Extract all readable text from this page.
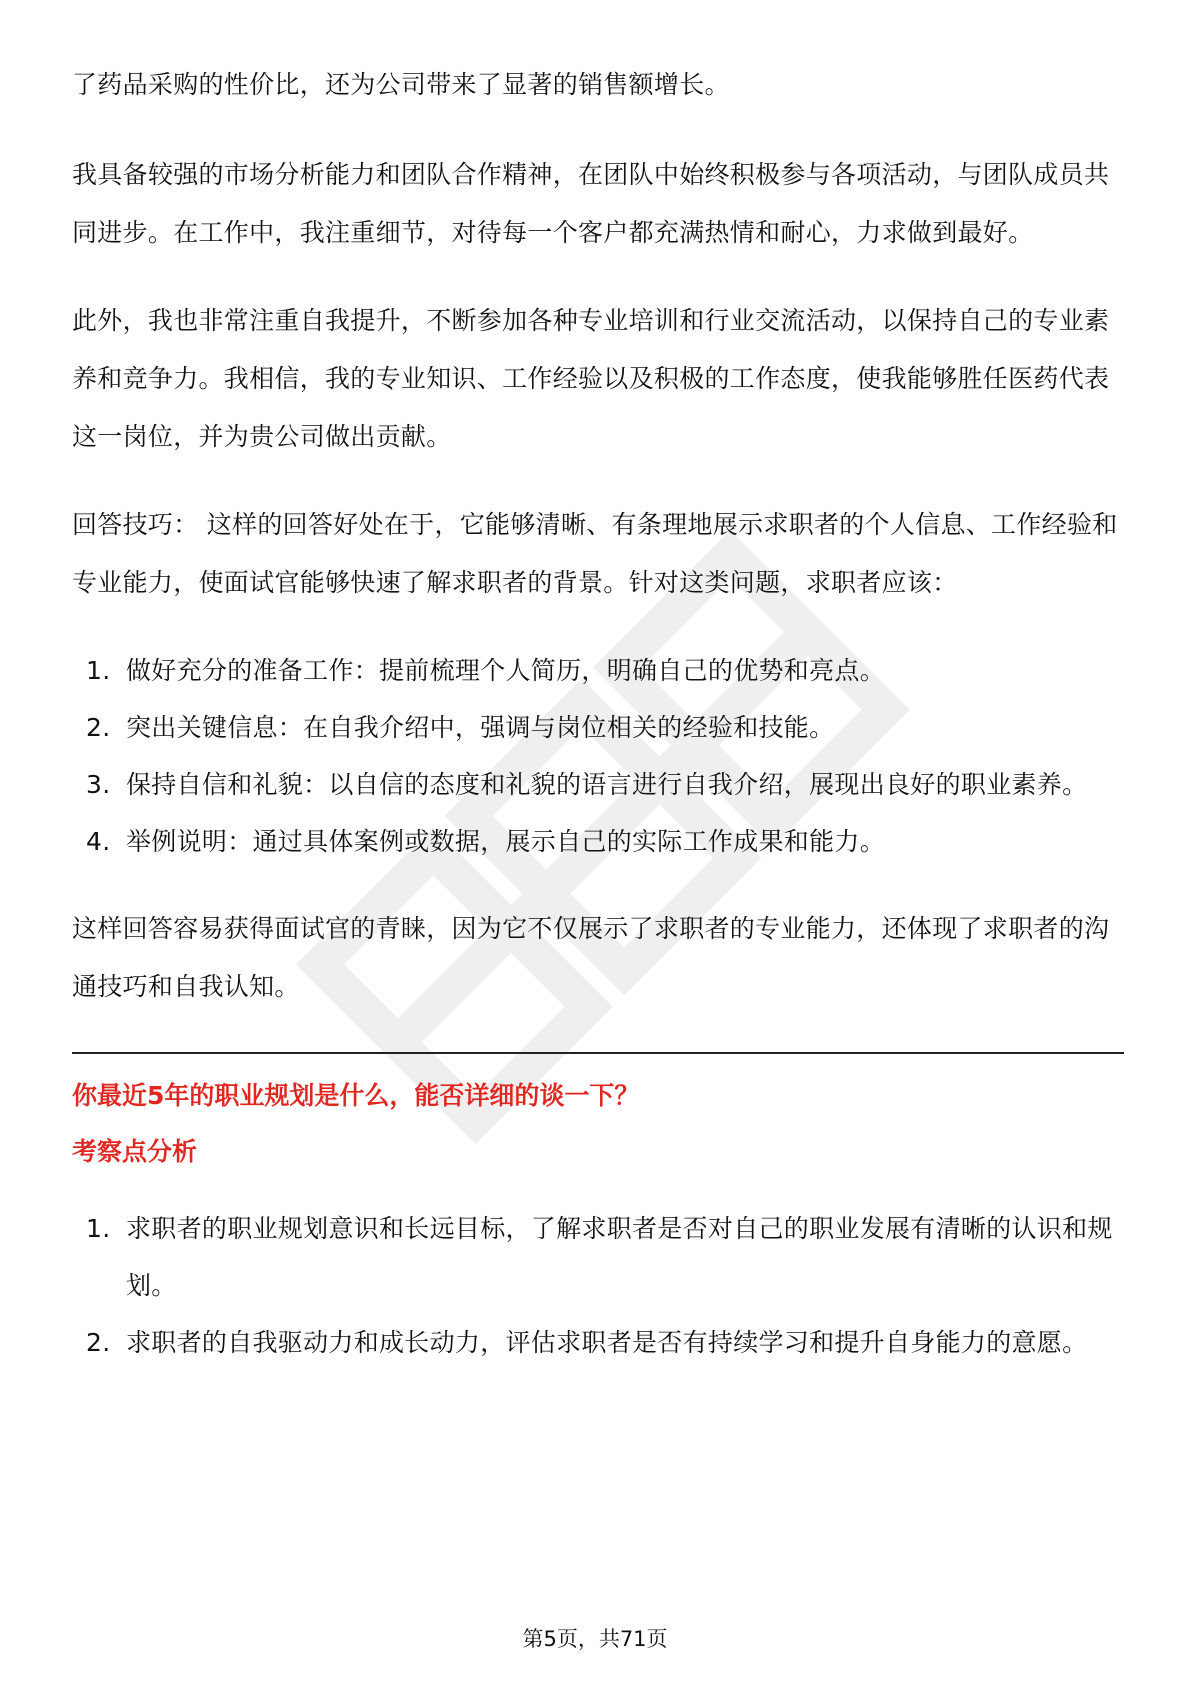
了药品采购的性价比，还为公司带来了显著的销售额增长。

我具备较强的市场分析能力和团队合作精神，在团队中始终积极参与各项活动，与团队成员共同进步。在工作中，我注重细节，对待每一个客户都充满热情和耐心，力求做到最好。

此外，我也非常注重自我提升，不断参加各种专业培训和行业交流活动，以保持自己的专业素养和竞争力。我相信，我的专业知识、工作经验以及积极的工作态度，使我能够胜任医药代表这一岗位，并为贵公司做出贡献。

回答技巧： 这样的回答好处在于，它能够清晰、有条理地展示求职者的个人信息、工作经验和专业能力，使面试官能够快速了解求职者的背景。针对这类问题，求职者应该：

1. 做好充分的准备工作：提前梳理个人简历，明确自己的优势和亮点。
2. 突出关键信息：在自我介绍中，强调与岗位相关的经验和技能。
3. 保持自信和礼貌：以自信的态度和礼貌的语言进行自我介绍，展现出良好的职业素养。
4. 举例说明：通过具体案例或数据，展示自己的实际工作成果和能力。

这样回答容易获得面试官的青睐，因为它不仅展示了求职者的专业能力，还体现了求职者的沟通技巧和自我认知。

你最近5年的职业规划是什么，能否详细的谈一下？

考察点分析

1. 求职者的职业规划意识和长远目标，了解求职者是否对自己的职业发展有清晰的认识和规划。
2. 求职者的自我驱动力和成长动力，评估求职者是否有持续学习和提升自身能力的意愿。
第5页，共71页
